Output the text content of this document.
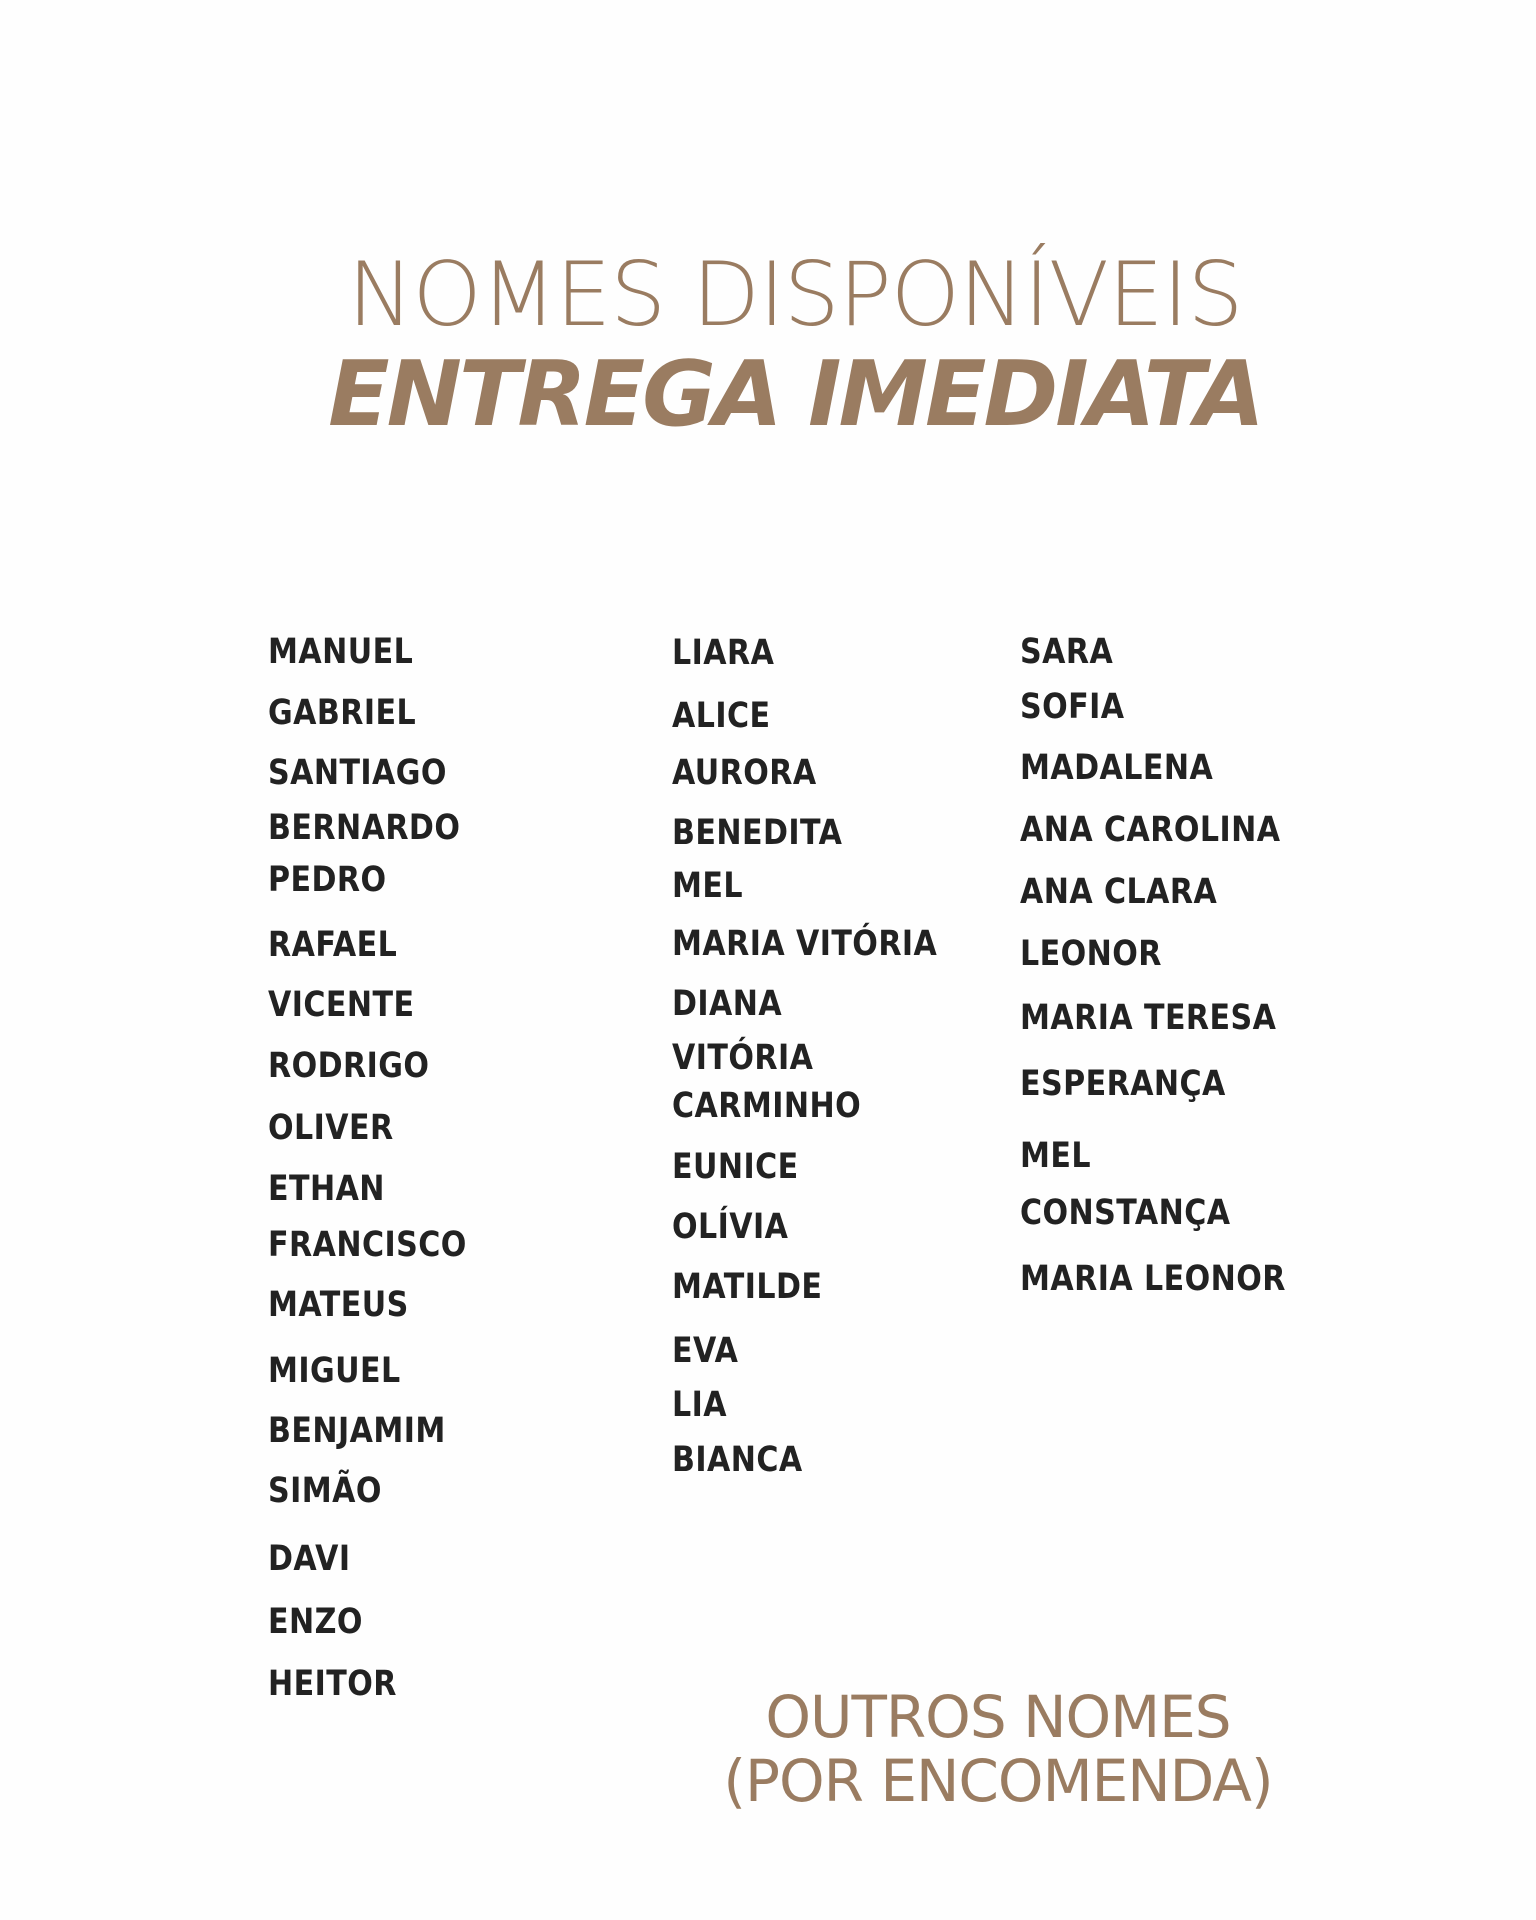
NOMES DISPONÍVEIS
ENTREGA IMEDIATA
MANUEL
GABRIEL
SANTIAGO
BERNARDO
PEDRO
RAFAEL
VICENTE
RODRIGO
OLIVER
ETHAN
FRANCISCO
MATEUS
MIGUEL
BENJAMIM
SIMÃO
DAVI
ENZO
HEITOR
LIARA
ALICE
AURORA
BENEDITA
MEL
MARIA VITÓRIA
DIANA
VITÓRIA
CARMINHO
EUNICE
OLÍVIA
MATILDE
EVA
LIA
BIANCA
SARA
SOFIA
MADALENA
ANA CAROLINA
ANA CLARA
LEONOR
MARIA TERESA
ESPERANÇA
MEL
CONSTANÇA
MARIA LEONOR
OUTROS NOMES
(POR ENCOMENDA)
